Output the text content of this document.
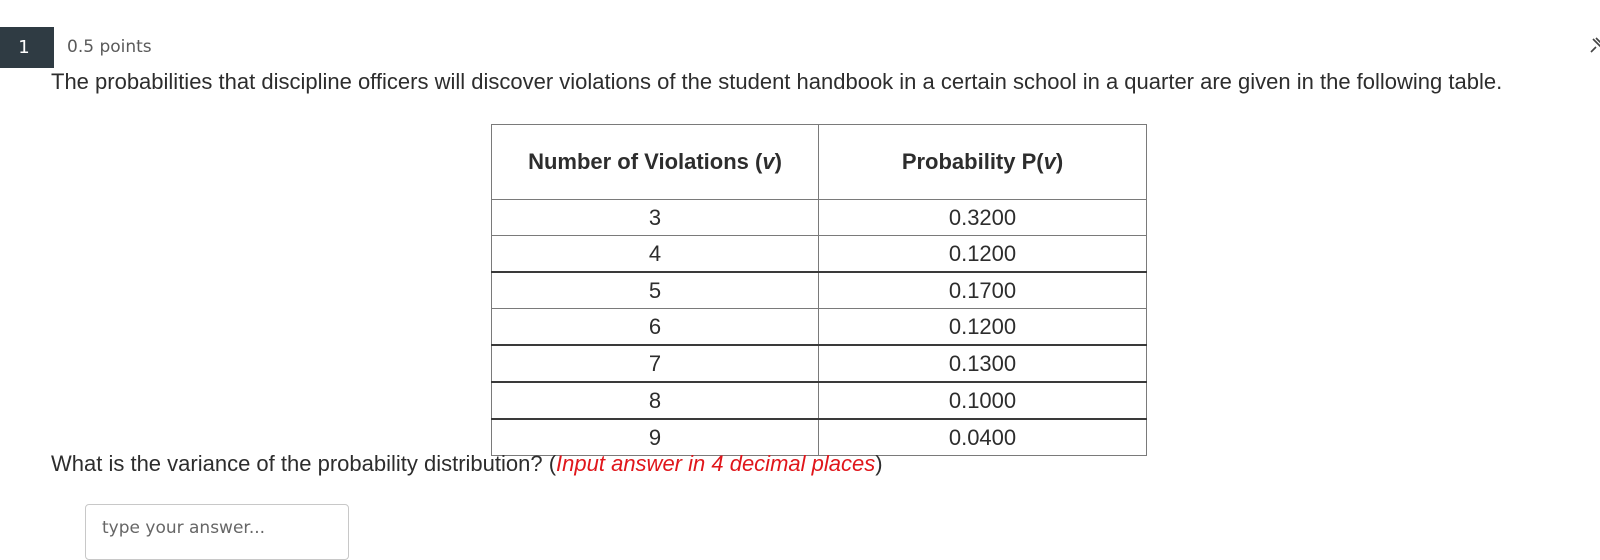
1	0.5 points
The probabilities that discipline officers will discover violations of the student handbook in a certain school in a quarter are given in the following table.
Number of Violations (v)	Probability P(v)
3	0.3200
4	0.1200
5	0.1700
6	0.1200
7	0.1300
8	0.1000
9	0.0400
What is the variance of the probability distribution? (Input answer in 4 decimal places)
type your answer...
